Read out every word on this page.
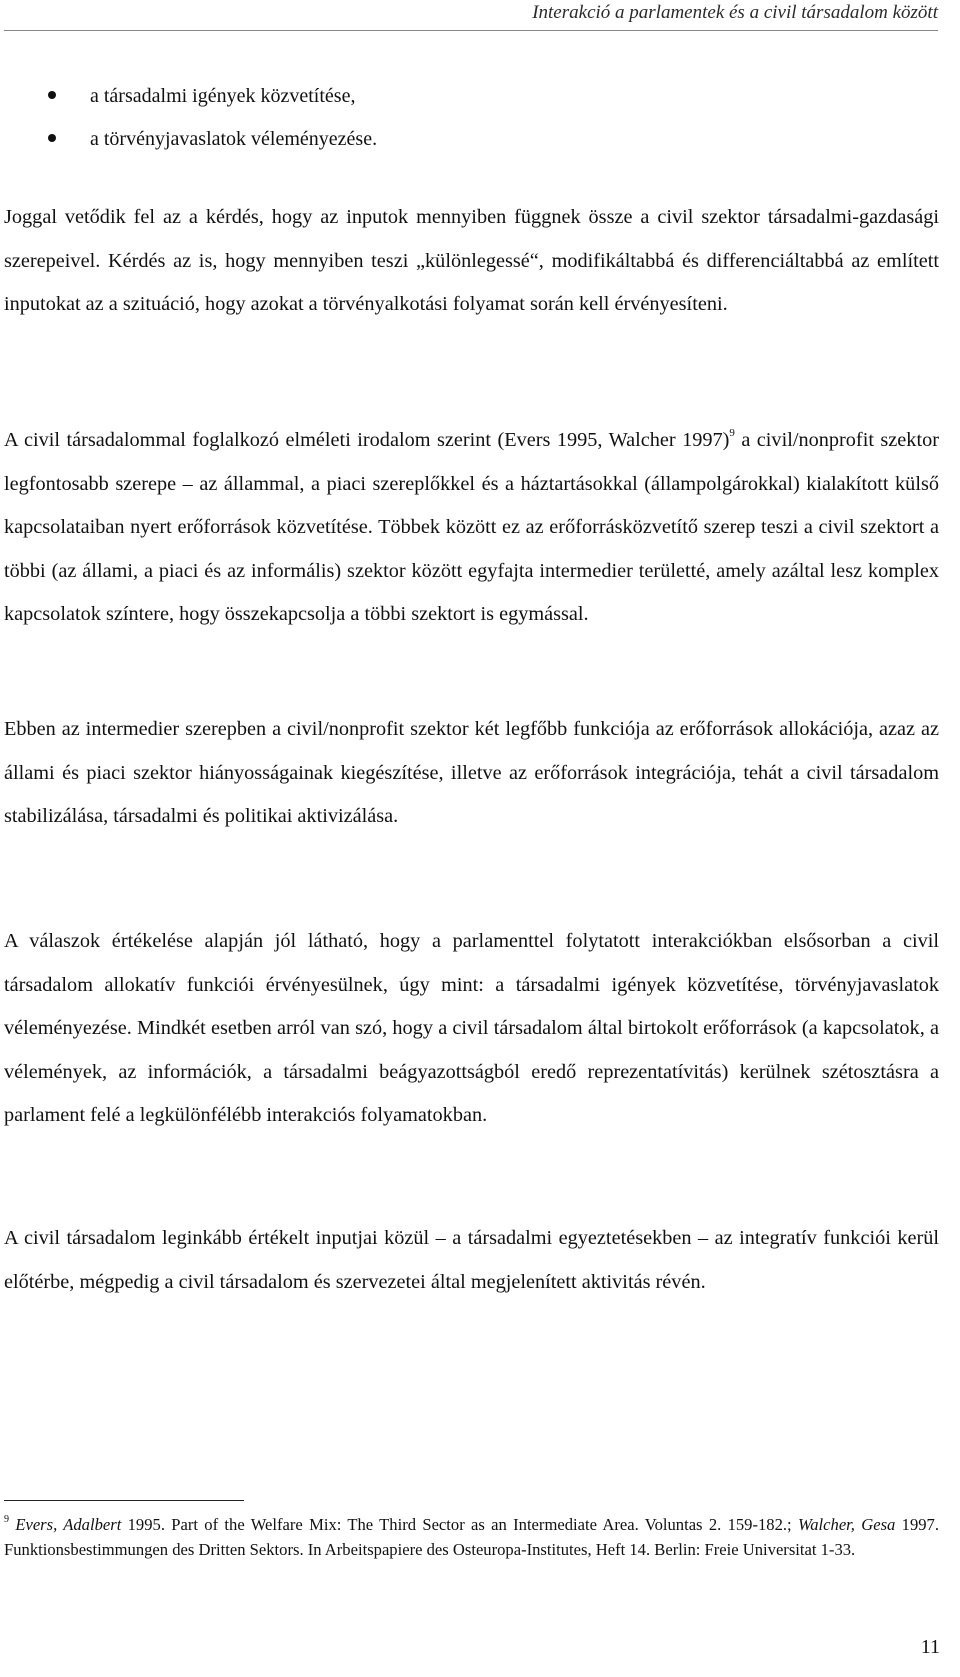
Interakció a parlamentek és a civil társadalom között
a társadalmi igények közvetítése,
a törvényjavaslatok véleményezése.

Joggal vetődik fel az a kérdés, hogy az inputok mennyiben függnek össze a civil szektor társadalmi-gazdasági szerepeivel. Kérdés az is, hogy mennyiben teszi „különlegessé“, modifikáltabbá és differenciáltabbá az említett inputokat az a szituáció, hogy azokat a törvényalkotási folyamat során kell érvényesíteni.

A civil társadalommal foglalkozó elméleti irodalom szerint (Evers 1995, Walcher 1997)$^9$ a civil/nonprofit szektor legfontosabb szerepe – az állammal, a piaci szereplőkkel és a háztartásokkal (állampolgárokkal) kialakított külső kapcsolataiban nyert erőforrások közvetítése. Többek között ez az erőforrásközvetítő szerep teszi a civil szektort a többi (az állami, a piaci és az informális) szektor között egyfajta intermedier területté, amely azáltal lesz komplex kapcsolatok színtere, hogy összekapcsolja a többi szektort is egymással.

Ebben az intermedier szerepben a civil/nonprofit szektor két legfőbb funkciója az erőforrások allokációja, azaz az állami és piaci szektor hiányosságainak kiegészítése, illetve az erőforrások integrációja, tehát a civil társadalom stabilizálása, társadalmi és politikai aktivizálása.

A válaszok értékelése alapján jól látható, hogy a parlamenttel folytatott interakciókban elsősorban a civil társadalom allokatív funkciói érvényesülnek, úgy mint: a társadalmi igények közvetítése, törvényjavaslatok véleményezése. Mindkét esetben arról van szó, hogy a civil társadalom által birtokolt erőforrások (a kapcsolatok, a vélemények, az információk, a társadalmi beágyazottságból eredő reprezentatívitás) kerülnek szétosztásra a parlament felé a legkülönfélébb interakciós folyamatokban.

A civil társadalom leginkább értékelt inputjai közül – a társadalmi egyeztetésekben – az integratív funkciói kerül előtérbe, mégpedig a civil társadalom és szervezetei által megjelenített aktivitás révén.

$^9$ Evers, Adalbert 1995. Part of the Welfare Mix: The Third Sector as an Intermediate Area. Voluntas 2. 159-182.; Walcher, Gesa 1997. Funktionsbestimmungen des Dritten Sektors. In Arbeitspapiere des Osteuropa-Institutes, Heft 14. Berlin: Freie Universitat 1-33.

11
